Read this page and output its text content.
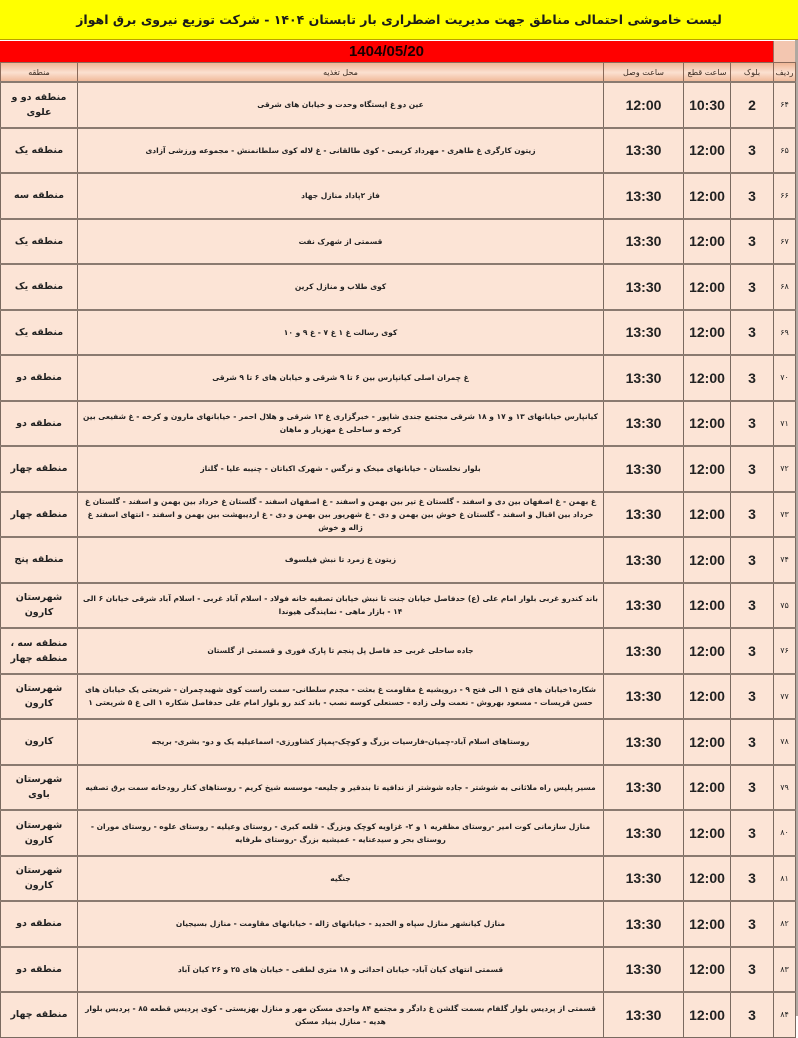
لیست خاموشی احتمالی مناطق جهت مدیریت اضطراری بار تابستان ۱۴۰۴ - شرکت توزیع نیروی برق اهواز
1404/05/20
ردیف	بلوک	ساعت قطع	ساعت وصل	محل تغذیه	منطقه
۶۴	2	10:30	12:00	عین دو غ ایستگاه وحدت و خیابان های شرقی	منطقه دو و علوی
۶۵	3	12:00	13:30	زیتون کارگری غ طاهری - مهرداد کریمی - کوی طالقانی - غ لاله کوی سلطانمنش - مجموعه ورزشی آزادی	منطقه یک
۶۶	3	12:00	13:30	فاز ۲پاداد منازل جهاد	منطقه سه
۶۷	3	12:00	13:30	قسمتی از شهرک نفت	منطقه یک
۶۸	3	12:00	13:30	کوی طلاب و منازل کرین	منطقه یک
۶۹	3	12:00	13:30	کوی رسالت غ ۱ غ ۷ - غ ۹ و ۱۰	منطقه یک
۷۰	3	12:00	13:30	غ چمران اصلی کیانپارس بین ۶ تا ۹ شرقی و خیابان های ۶ تا ۹ شرقی	منطقه دو
۷۱	3	12:00	13:30	کیانپارس خیابانهای ۱۳ و ۱۷ و ۱۸ شرقی مجتمع جندی شاپور - خبرگزاری غ ۱۳ شرقی و هلال احمر - خیابانهای مارون و کرخه - غ شفیعی بین کرخه و ساحلی غ مهزیار و ماهان	منطقه دو
۷۲	3	12:00	13:30	بلوار نخلستان - خیابانهای میخک و نرگس - شهرک اکباتان - چنیبه علیا - گلناز	منطقه چهار
۷۳	3	12:00	13:30	غ بهمن - غ اصفهان بین دی و اسفند - گلستان غ تیر بین بهمن و اسفند - غ اصفهان اسفند - گلستان غ خرداد بین بهمن و اسفند - گلستان غ خرداد بین اقبال و اسفند - گلستان غ خوش بین بهمن و دی - غ شهریور بین بهمن و دی - غ اردیبهشت بین بهمن و اسفند - انتهای اسفند غ ژاله و خوش	منطقه چهار
۷۴	3	12:00	13:30	زیتون غ زمرد تا نبش فیلسوف	منطقه پنج
۷۵	3	12:00	13:30	باند کندرو غربی بلوار امام علی (ع) حدفاصل خیابان جنت تا نبش خیابان تصفیه خانه فولاد - اسلام آباد غربی - اسلام آباد شرقی خیابان ۶ الی ۱۴ - بازار ماهی - نمایندگی هیوندا	شهرستان کارون
۷۶	3	12:00	13:30	جاده ساحلی غربی حد فاصل پل پنجم تا پارک فوری و قسمتی از گلستان	منطقه سه ، منطقه چهار
۷۷	3	12:00	13:30	شکاره۱خیابان های فتح ۱ الی فتح ۹ - درویشیه غ مقاومت غ بعثت - مجدم سلطانی- سمت راست کوی شهیدچمران - شریعتی یک خیابان های حسن قریسات - مسعود بهروش - نعمت ولی زاده - حسنعلی کوسه نصب - باند کند رو بلوار امام علی حدفاصل شکاره ۱ الی غ ۵ شریعتی ۱	شهرستان کارون
۷۸	3	12:00	13:30	روستاهای اسلام آباد-چمیان-فارسیات بزرگ و کوچک-پمپاژ کشاورزی- اسماعیلیه یک و دو- بشری- بریجه	کارون
۷۹	3	12:00	13:30	مسیر پلیس راه ملاثانی به شوشتر - جاده شوشتر از ندافیه تا بندقیر و جلیعه- موسسه شیخ کریم - روستاهای کنار رودخانه سمت برق تصفیه	شهرستان باوی
۸۰	3	12:00	13:30	منازل سازمانی کوت امیر -روستای مظفریه ۱ و ۲- غزاویه کوچک وبزرگ - قلعه کبری - روستای وعیلیه - روستای علوه - روستای موران - روستای بحر و سیدعنایه - عمیشیه بزرگ -روستای طرفایه	شهرستان کارون
۸۱	3	12:00	13:30	جنگیه	شهرستان کارون
۸۲	3	12:00	13:30	منازل کیانشهر منازل سپاه و الحدید - خیابانهای ژاله - خیابانهای مقاومت - منازل بسیجیان	منطقه دو
۸۳	3	12:00	13:30	قسمتی انتهای کیان آباد- خیابان احداثی و ۱۸ متری لطفی - خیابان های ۲۵ و ۲۶ کیان آباد	منطقه دو
۸۴	3	12:00	13:30	قسمتی از پردیس بلوار گلفام بسمت گلشن غ دادگر و مجتمع ۸۴ واحدی مسکن مهر و منازل بهزیستی - کوی پردیس قطعه ۸۵ - پردیس بلوار هدیه - منازل بنیاد مسکن	منطقه چهار
